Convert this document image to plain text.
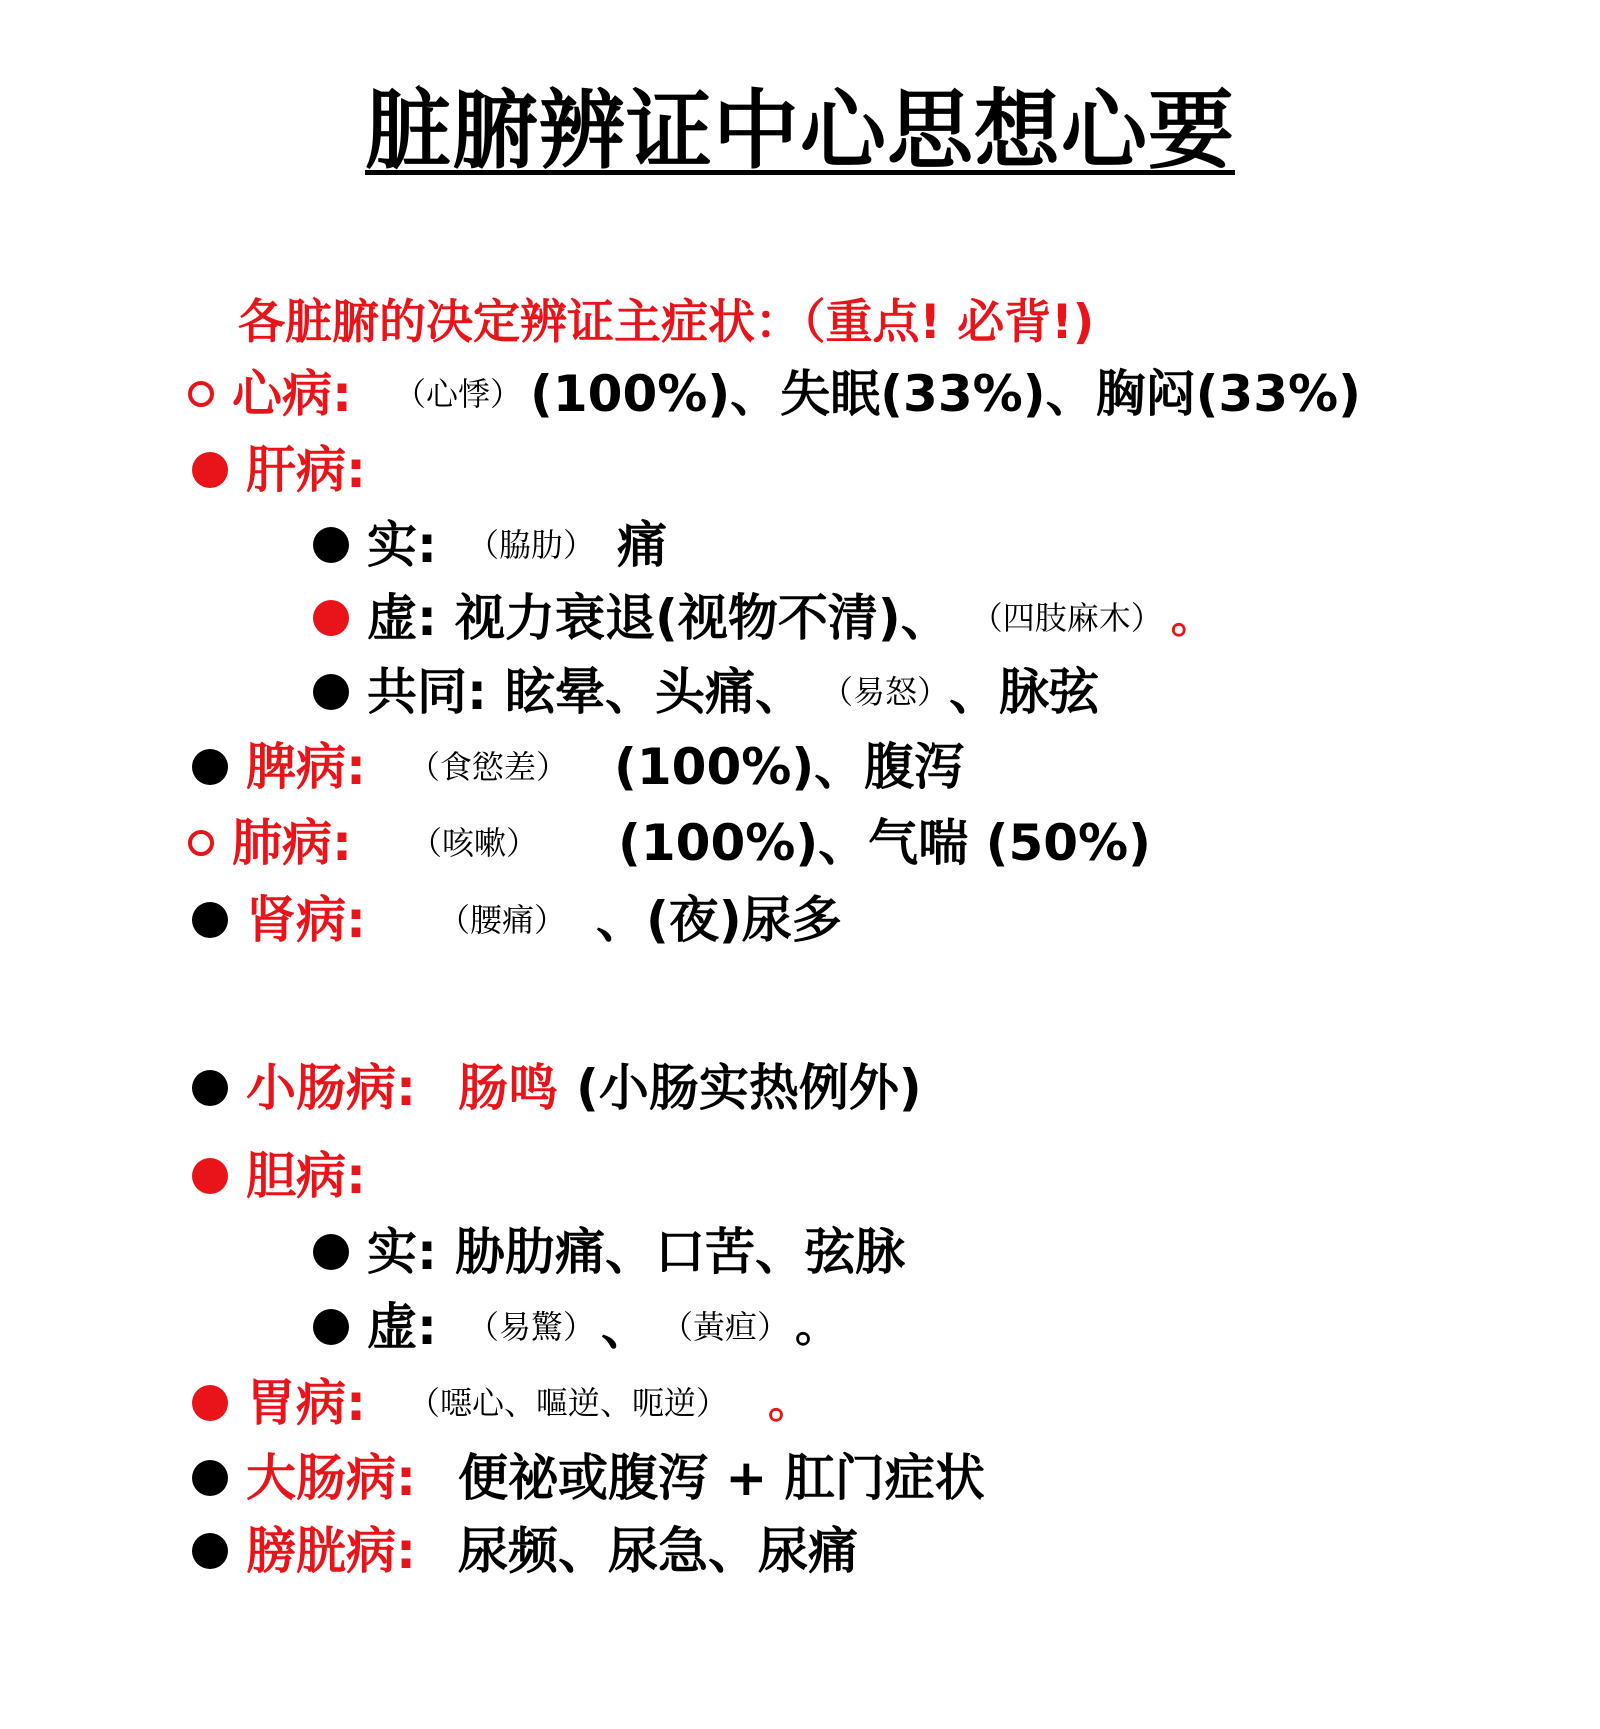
脏腑辨证中心思想心要
各脏腑的决定辨证主症状：（重点! 必背!)
心病: （心悸） (100%)、失眠(33%)、胸闷(33%)
肝病:
实: （脇肋） 痛
虚: 视力衰退(视物不清)、 （四肢麻木） 。
共同: 眩晕、头痛、 （易怒） 、脉弦
脾病: （食慾差） (100%)、腹泻
肺病: （咳嗽） (100%)、气喘 (50%)
肾病: （腰痛） 、(夜)尿多
小肠病: 肠鸣 (小肠实热例外)
胆病:
实: 胁肋痛、口苦、弦脉
虚: （易驚） 、 （黃疸） 。
胃病: （噁心、嘔逆、呃逆） 。
大肠病: 便祕或腹泻 + 肛门症状
膀胱病: 尿频、尿急、尿痛
